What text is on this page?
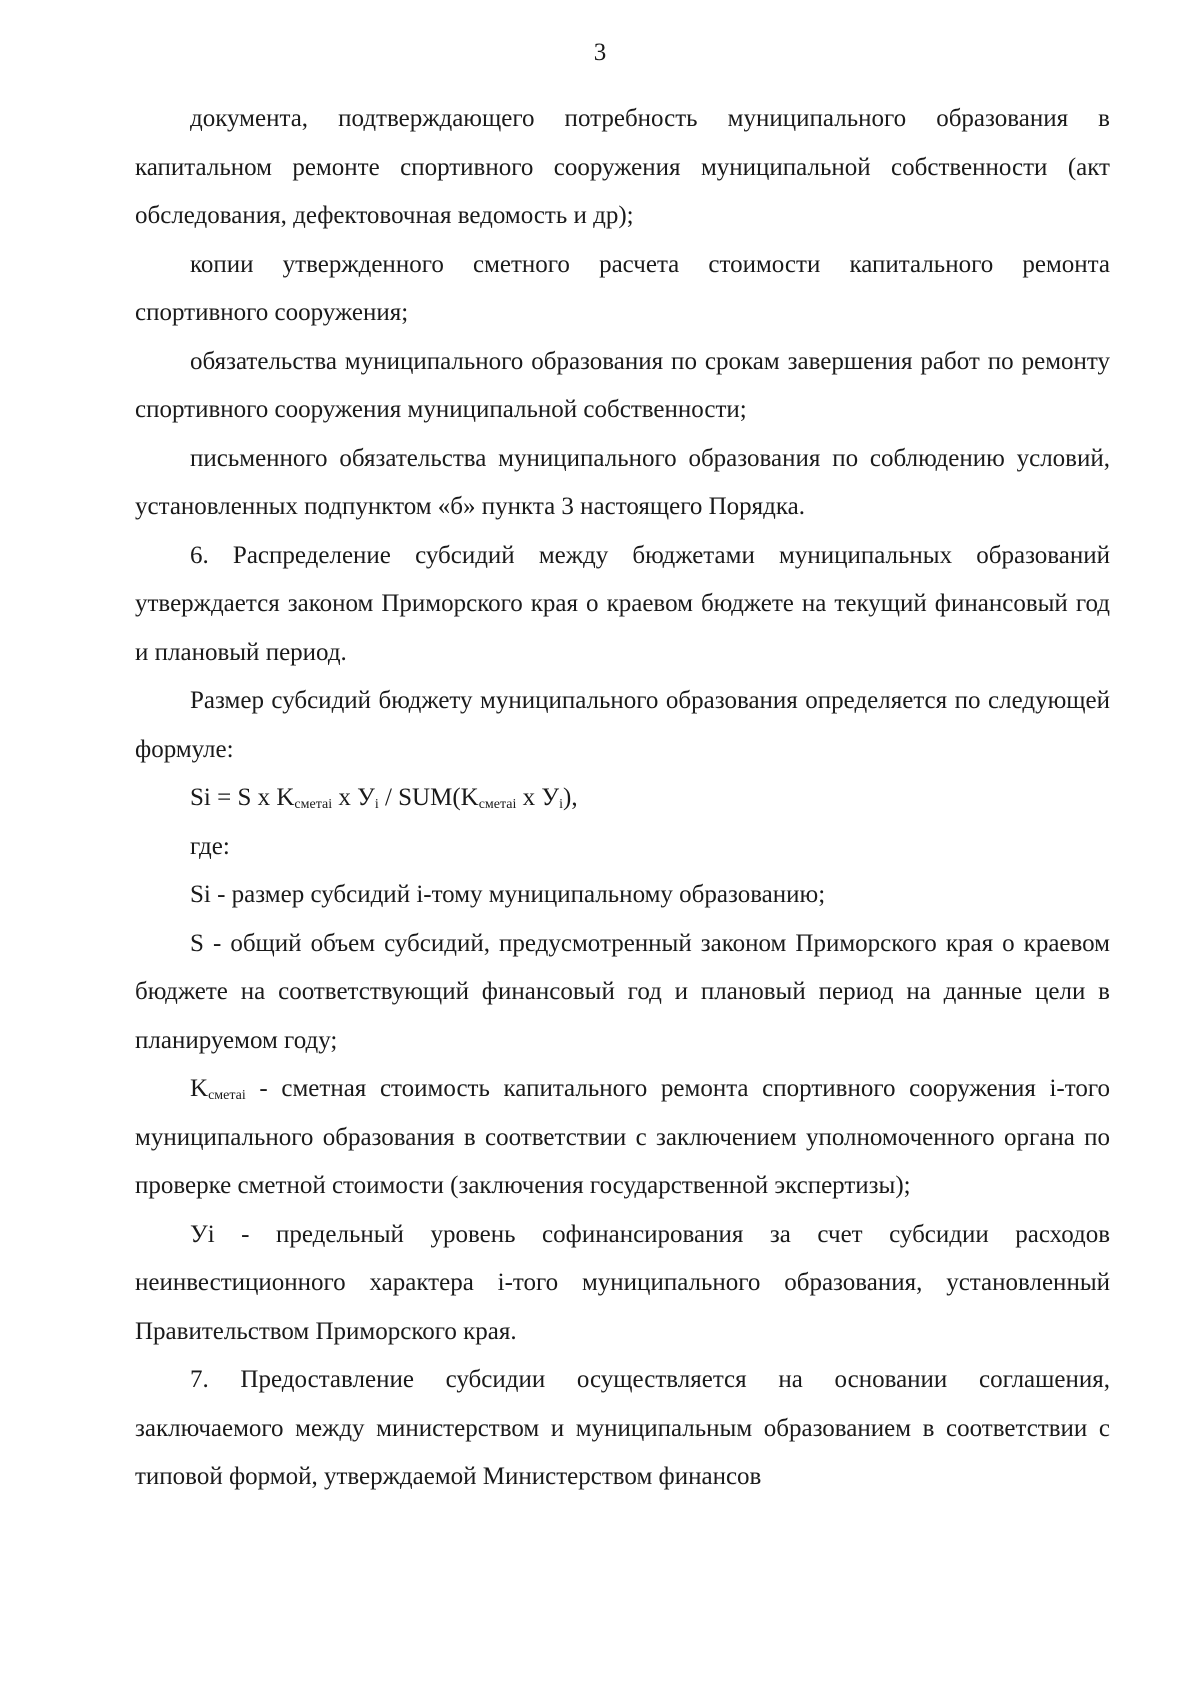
3

документа, подтверждающего потребность муниципального образования в капитальном ремонте спортивного сооружения муниципальной собственности (акт обследования, дефектовочная ведомость и др);

копии утвержденного сметного расчета стоимости капитального ремонта спортивного сооружения;

обязательства муниципального образования по срокам завершения работ по ремонту спортивного сооружения муниципальной собственности;

письменного обязательства муниципального образования по соблюдению условий, установленных подпунктом «б» пункта 3 настоящего Порядка.

6. Распределение субсидий между бюджетами муниципальных образований утверждается законом Приморского края о краевом бюджете на текущий финансовый год и плановый период.

Размер субсидий бюджету муниципального образования определяется по следующей формуле:

Si = S x $K_{сметаi}$ x $У_i / SUM(K_{сметаi}$ x $У_i$),

где:

Si - размер субсидий i-тому муниципальному образованию;

S - общий объем субсидий, предусмотренный законом Приморского края о краевом бюджете на соответствующий финансовый год и плановый период на данные цели в планируемом году;

$K_{сметаi}$ - сметная стоимость капитального ремонта спортивного сооружения i-того муниципального образования в соответствии с заключением уполномоченного органа по проверке сметной стоимости (заключения государственной экспертизы);

Уi - предельный уровень софинансирования за счет субсидии расходов неинвестиционного характера i-того муниципального образования, установленный Правительством Приморского края.

7. Предоставление субсидии осуществляется на основании соглашения, заключаемого между министерством и муниципальным образованием в соответствии с типовой формой, утверждаемой Министерством финансов
